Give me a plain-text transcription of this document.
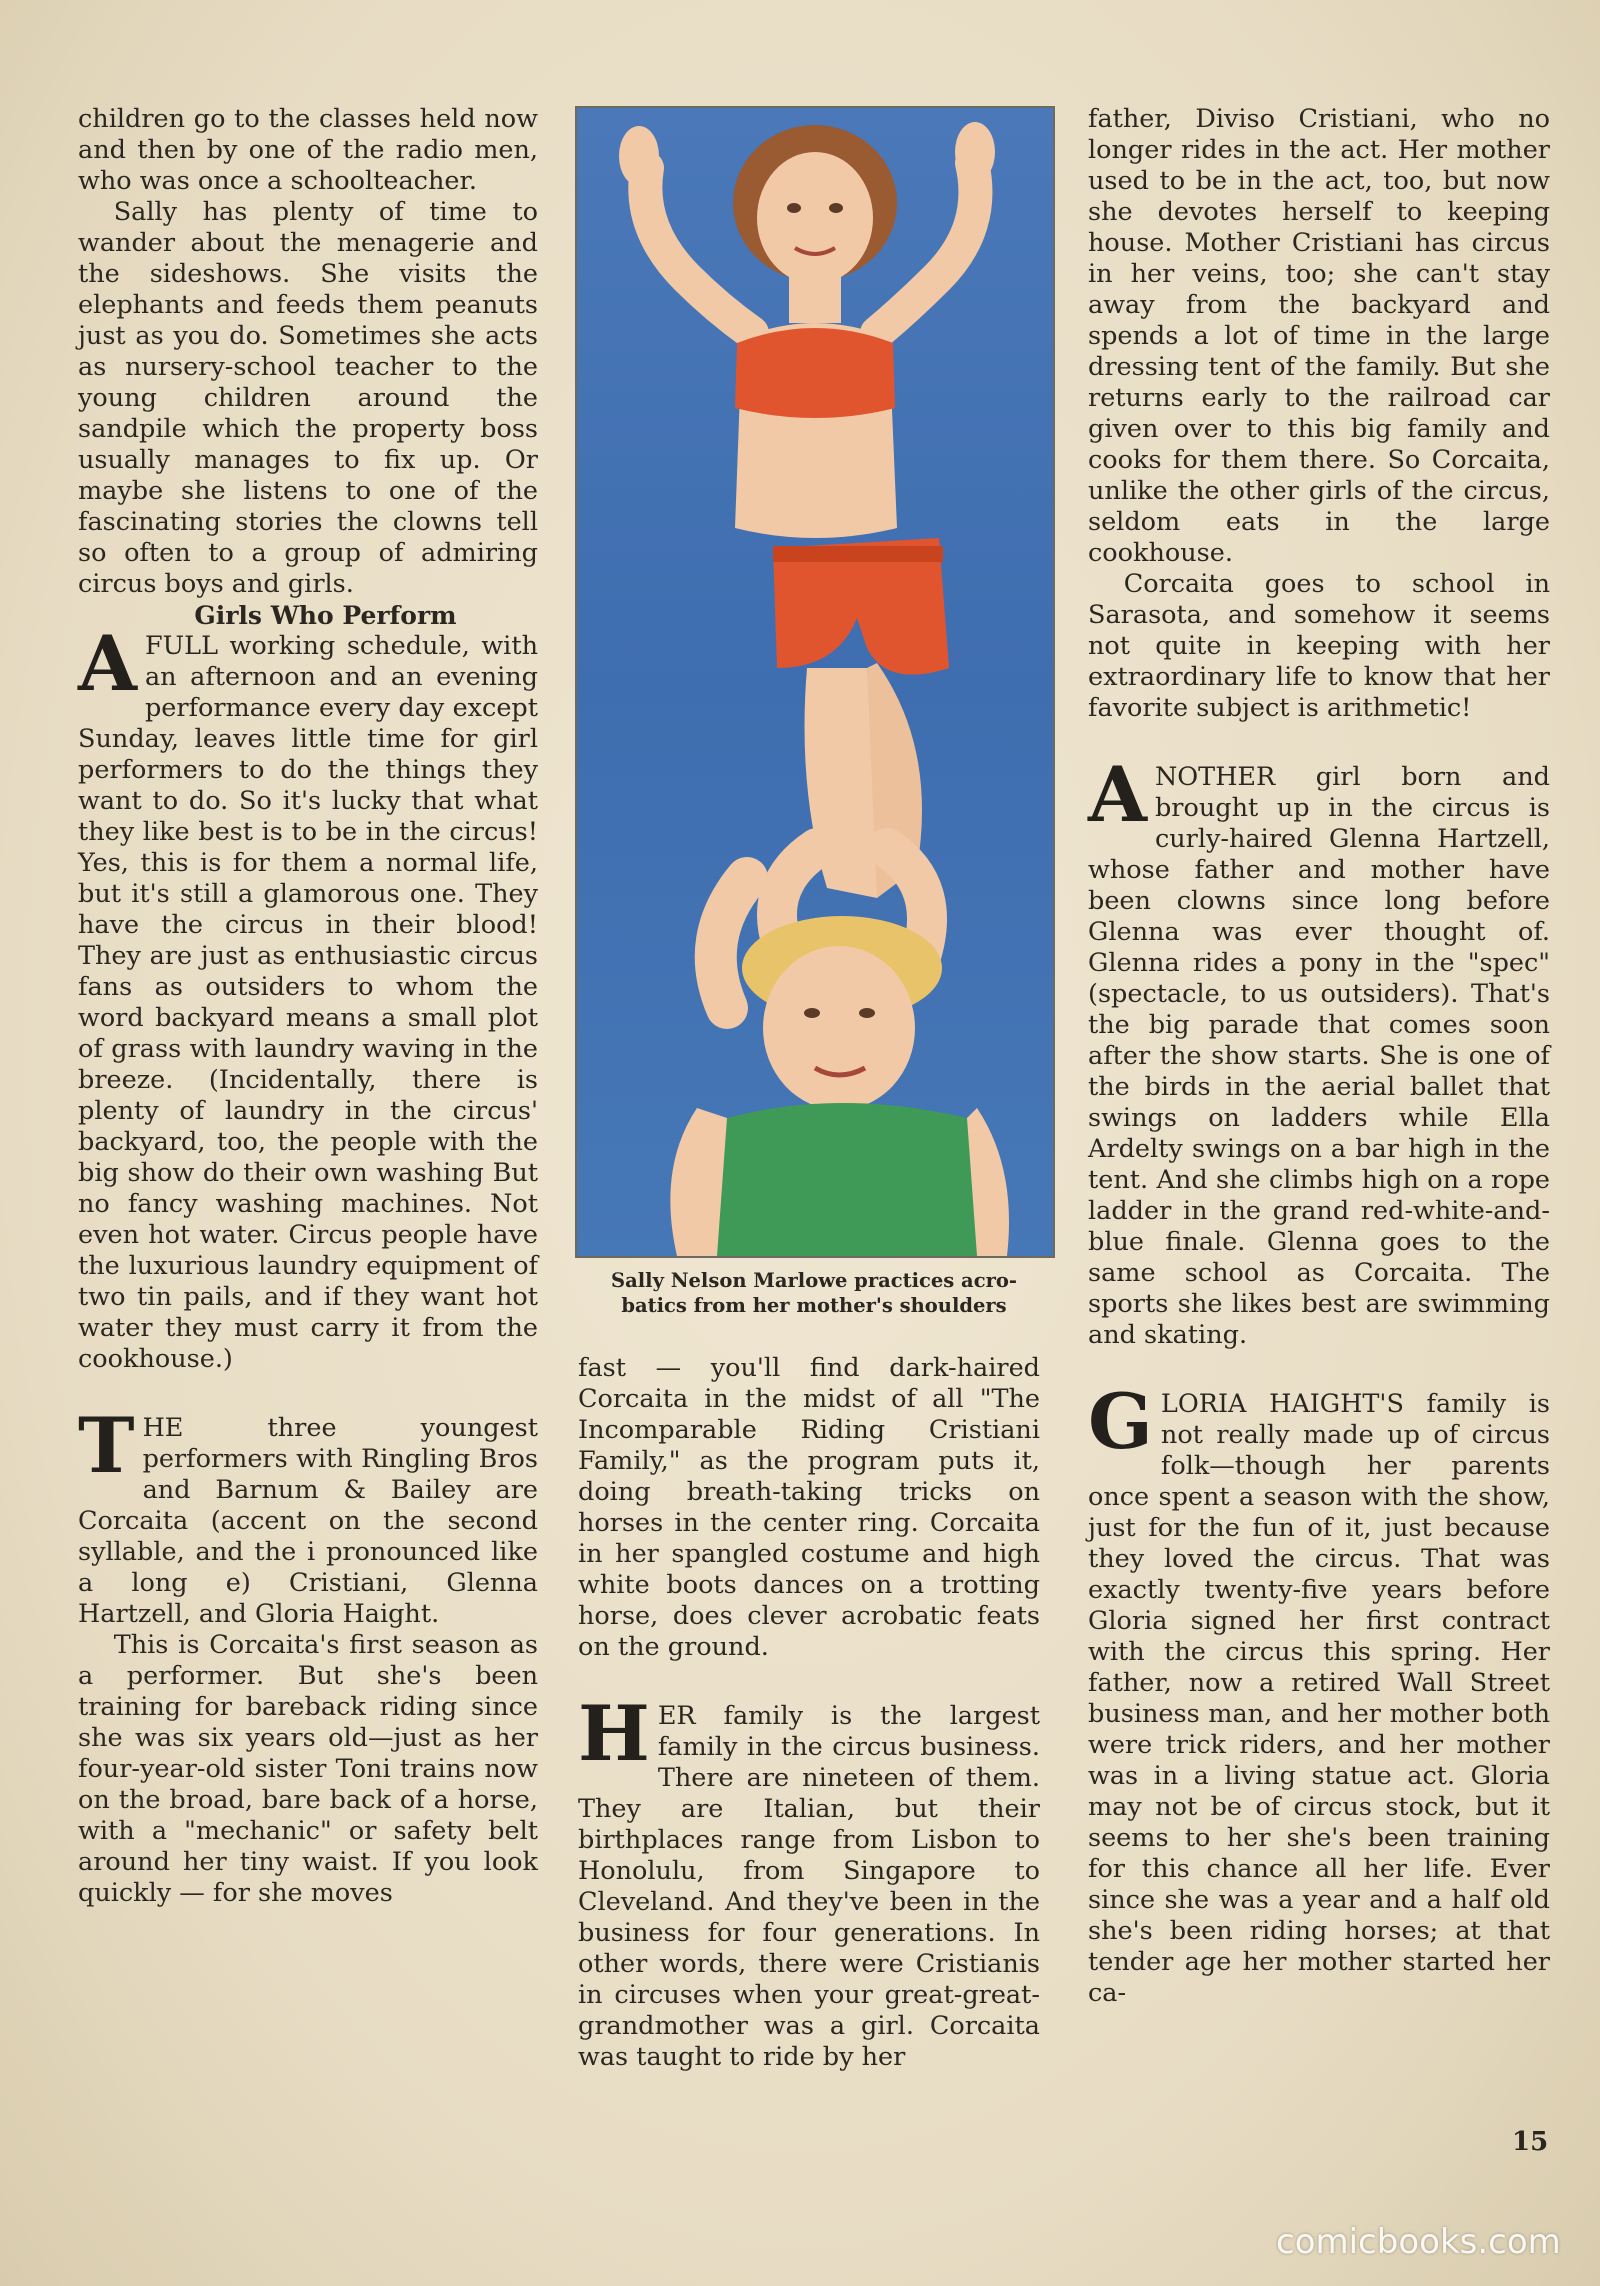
children go to the classes held now and then by one of the radio men, who was once a schoolteacher.

Sally has plenty of time to wander about the menagerie and the sideshows. She visits the elephants and feeds them peanuts just as you do. Sometimes she acts as nursery-school teacher to the young children around the sandpile which the property boss usually manages to fix up. Or maybe she listens to one of the fascinating stories the clowns tell so often to a group of admiring circus boys and girls.

Girls Who Perform

AFULL working schedule, with an afternoon and an evening performance every day except Sunday, leaves little time for girl performers to do the things they want to do. So it's lucky that what they like best is to be in the circus! Yes, this is for them a normal life, but it's still a glamorous one. They have the circus in their blood! They are just as enthusiastic circus fans as outsiders to whom the word backyard means a small plot of grass with laundry waving in the breeze. (Incidentally, there is plenty of laundry in the circus' backyard, too, the people with the big show do their own washing But no fancy washing machines. Not even hot water. Circus people have the luxurious laundry equipment of two tin pails, and if they want hot water they must carry it from the cookhouse.)

THE three youngest performers with Ringling Bros and Barnum & Bailey are Corcaita (accent on the second syllable, and the i pronounced like a long e) Cristiani, Glenna Hartzell, and Gloria Haight.

This is Corcaita's first season as a performer. But she's been training for bareback riding since she was six years old—just as her four-year-old sister Toni trains now on the broad, bare back of a horse, with a "mechanic" or safety belt around her tiny waist. If you look quickly — for she moves

Sally Nelson Marlowe practices acro-
batics from her mother's shoulders

fast — you'll find dark-haired Corcaita in the midst of all "The Incomparable Riding Cristiani Family," as the program puts it, doing breath-taking tricks on horses in the center ring. Corcaita in her spangled costume and high white boots dances on a trotting horse, does clever acrobatic feats on the ground.

HER family is the largest family in the circus business. There are nineteen of them. They are Italian, but their birthplaces range from Lisbon to Honolulu, from Singapore to Cleveland. And they've been in the business for four generations. In other words, there were Cristianis in circuses when your great-great-grandmother was a girl. Corcaita was taught to ride by her

father, Diviso Cristiani, who no longer rides in the act. Her mother used to be in the act, too, but now she devotes herself to keeping house. Mother Cristiani has circus in her veins, too; she can't stay away from the backyard and spends a lot of time in the large dressing tent of the family. But she returns early to the railroad car given over to this big family and cooks for them there. So Corcaita, unlike the other girls of the circus, seldom eats in the large cookhouse.

Corcaita goes to school in Sarasota, and somehow it seems not quite in keeping with her extraordinary life to know that her favorite subject is arithmetic!

ANOTHER girl born and brought up in the circus is curly-haired Glenna Hartzell, whose father and mother have been clowns since long before Glenna was ever thought of. Glenna rides a pony in the "spec" (spectacle, to us outsiders). That's the big parade that comes soon after the show starts. She is one of the birds in the aerial ballet that swings on ladders while Ella Ardelty swings on a bar high in the tent. And she climbs high on a rope ladder in the grand red-white-and-blue finale. Glenna goes to the same school as Corcaita. The sports she likes best are swimming and skating.

GLORIA HAIGHT'S family is not really made up of circus folk—though her parents once spent a season with the show, just for the fun of it, just because they loved the circus. That was exactly twenty-five years before Gloria signed her first contract with the circus this spring. Her father, now a retired Wall Street business man, and her mother both were trick riders, and her mother was in a living statue act. Gloria may not be of circus stock, but it seems to her she's been training for this chance all her life. Ever since she was a year and a half old she's been riding horses; at that tender age her mother started her ca-

15
comicbooks.com
